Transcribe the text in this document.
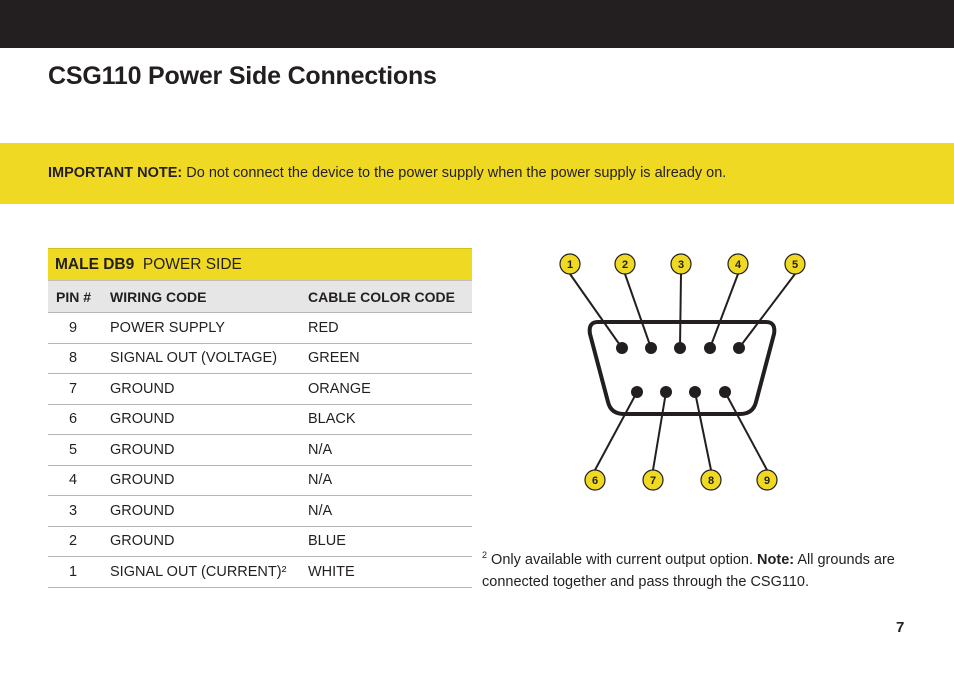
CSG110 Power Side Connections
IMPORTANT NOTE: Do not connect the device to the power supply when the power supply is already on.
MALE DB9 POWER SIDE		
PIN #	WIRING CODE	CABLE COLOR CODE
9	POWER SUPPLY	RED
8	SIGNAL OUT (VOLTAGE)	GREEN
7	GROUND	ORANGE
6	GROUND	BLACK
5	GROUND	N/A
4	GROUND	N/A
3	GROUND	N/A
2	GROUND	BLUE
1	SIGNAL OUT (CURRENT)²	WHITE
1	2	3	4	5
6	7	8	9
$^2$ Only available with current output option. Note: All grounds are connected together and pass through the CSG110.
7
